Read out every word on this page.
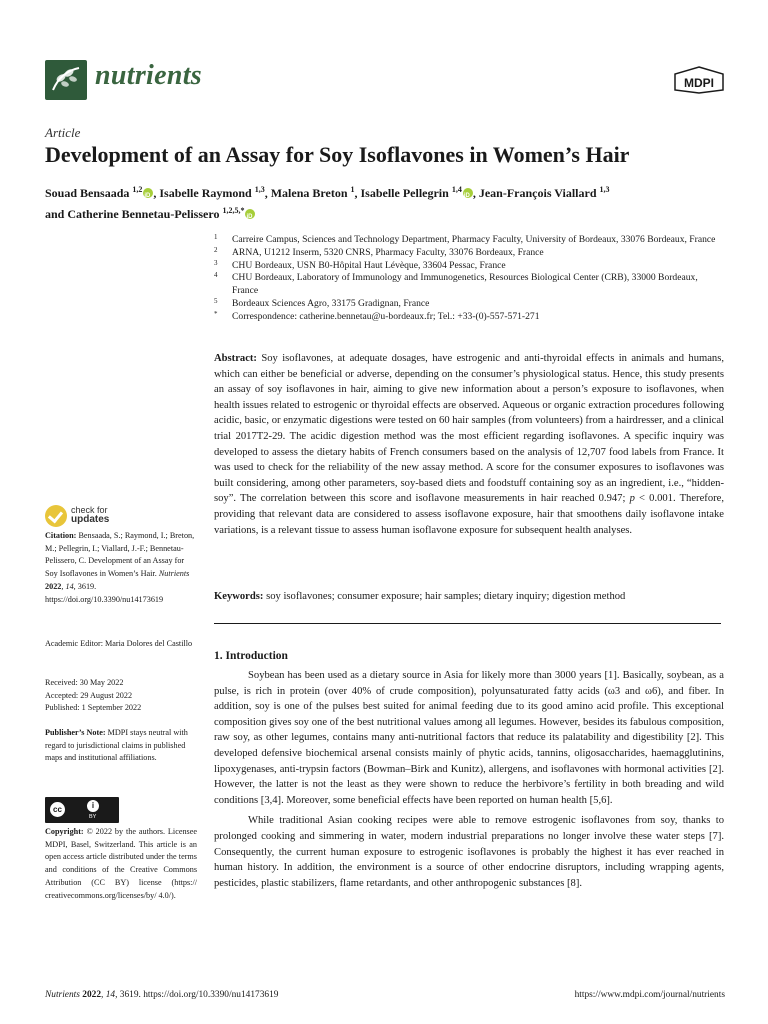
nutrients	MDPI
Article
Development of an Assay for Soy Isoflavones in Women’s Hair
Souad Bensaada $^{1,2}$ iD , Isabelle Raymond $^{1,3}$, Malena Breton $^1$, Isabelle Pellegrin $^{1,4}$ iD , Jean-François Viallard $^{1,3}$
and Catherine Bennetau-Pelissero $^{1,2,5,*}$iD
1 Carreire Campus, Sciences and Technology Department, Pharmacy Faculty, University of Bordeaux, 33076 Bordeaux, France
2 ARNA, U1212 Inserm, 5320 CNRS, Pharmacy Faculty, 33076 Bordeaux, France
3 CHU Bordeaux, USN B0-Hôpital Haut Lévèque, 33604 Pessac, France
4 CHU Bordeaux, Laboratory of Immunology and Immunogenetics, Resources Biological Center (CRB), 33000 Bordeaux, France
5 Bordeaux Sciences Agro, 33175 Gradignan, France
* Correspondence: catherine.bennetau@u-bordeaux.fr; Tel.: +33-(0)-557-571-271
Abstract: Soy isoflavones, at adequate dosages, have estrogenic and anti-thyroidal effects in animals and humans, which can either be beneficial or adverse, depending on the consumer’s physiological status. Hence, this study presents an assay of soy isoflavones in hair, aiming to give new information about a person’s exposure to isoflavones, when health issues related to estrogenic or thyroidal effects are observed. Aqueous or organic extraction procedures following acidic, basic, or enzymatic digestions were tested on 60 hair samples (from volunteers) from a hairdresser, and a clinical trial 2017T2-29. The acidic digestion method was the most efficient regarding isoflavones. A specific inquiry was developed to assess the dietary habits of French consumers based on the analysis of 12,707 food labels from France. It was used to check for the reliability of the new assay method. A score for the consumer exposures to isoflavones was built considering, among other parameters, soy-based diets and foodstuff containing soy as an ingredient, i.e., “hidden-soy”. The correlation between this score and isoflavone measurements in hair reached 0.947; p < 0.001. Therefore, providing that relevant data are considered to assess isoflavone exposure, hair that smoothens daily isoflavone intake variations, is a relevant tissue to assess human isoflavone exposure for subsequent health analyses.
Keywords: soy isoflavones; consumer exposure; hair samples; dietary inquiry; digestion method
1. Introduction

Soybean has been used as a dietary source in Asia for likely more than 3000 years [1]. Basically, soybean, as a pulse, is rich in protein (over 40% of crude composition), polyunsaturated fatty acids (ω3 and ω6), and fiber. In addition, soy is one of the pulses best suited for animal feeding due to its good amino acid profile. This exceptional composition gives soy one of the best nutritional values among all legumes. However, besides its fabulous composition, raw soy, as other legumes, contains many anti-nutritional factors that reduce its palatability and digestibility [2]. This developed defensive biochemical arsenal consists mainly of phytic acids, tannins, oligosaccharides, haemagglutinins, lipoxygenases, anti-trypsin factors (Bowman–Birk and Kunitz), allergens, and isoflavones with hormonal activities [2]. However, the latter is not the least as they were shown to reduce the herbivore’s fertility in both breading and wild conditions [3,4]. Moreover, some beneficial effects have been reported on human health [5,6].

While traditional Asian cooking recipes were able to remove estrogenic isoflavones from soy, thanks to prolonged cooking and simmering in water, modern industrial preparations no longer involve these water steps [7]. Consequently, the current human exposure to estrogenic isoflavones is probably the highest it has ever reached in human history. In addition, the environment is a source of other endocrine disruptors, including wrapping agents, pesticides, plastic stabilizers, flame retardants, and other anthropogenic substances [8].

check for
updates
Citation: Bensaada, S.; Raymond, I.; Breton, M.; Pellegrin, I.; Viallard, J.-F.; Bennetau-Pelissero, C. Development of an Assay for Soy Isoflavones in Women’s Hair. Nutrients 2022, 14, 3619. https://doi.org/10.3390/nu14173619
Academic Editor: Maria Dolores del Castillo
Received: 30 May 2022
Accepted: 29 August 2022
Published: 1 September 2022
Publisher’s Note: MDPI stays neutral with regard to jurisdictional claims in published maps and institutional affiliations.
cc	i
BY
Copyright: © 2022 by the authors. Licensee MDPI, Basel, Switzerland. This article is an open access article distributed under the terms and conditions of the Creative Commons Attribution (CC BY) license (https:// creativecommons.org/licenses/by/ 4.0/).
Nutrients 2022, 14, 3619. https://doi.org/10.3390/nu14173619	https://www.mdpi.com/journal/nutrients
